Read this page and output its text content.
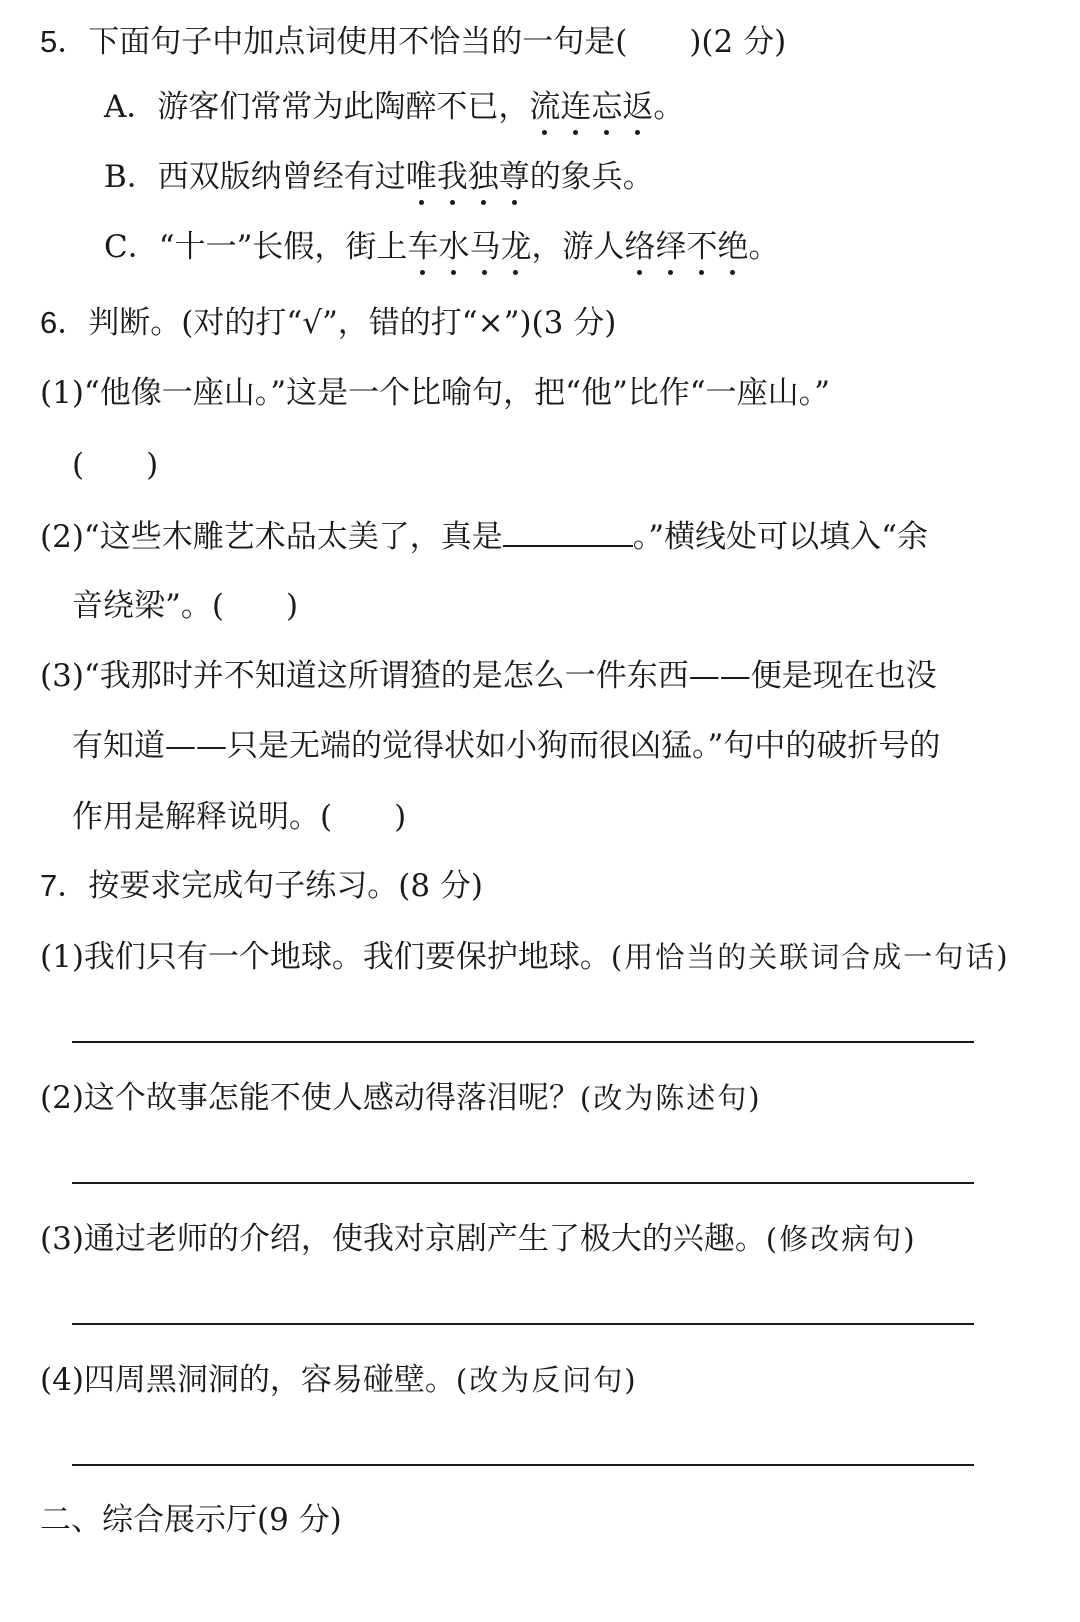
5．下面句子中加点词使用不恰当的一句是(　　)(2 分)
A．游客们常常为此陶醉不已，流连忘返。
B．西双版纳曾经有过唯我独尊的象兵。
C．“十一”长假，街上车水马龙，游人络绎不绝。
6．判断。(对的打“√”，错的打“×”)(3 分)
(1)“他像一座山。”这是一个比喻句，把“他”比作“一座山。”
(　　)
(2)“这些木雕艺术品太美了，真是	。”横线处可以填入“余
音绕梁”。(　　)
(3)“我那时并不知道这所谓猹的是怎么一件东西——便是现在也没
有知道——只是无端的觉得状如小狗而很凶猛。”句中的破折号的
作用是解释说明。(　　)
7．按要求完成句子练习。(8 分)
(1)我们只有一个地球。我们要保护地球。(用恰当的关联词合成一句话)
(2)这个故事怎能不使人感动得落泪呢？(改为陈述句)
(3)通过老师的介绍，使我对京剧产生了极大的兴趣。(修改病句)
(4)四周黑洞洞的，容易碰壁。(改为反问句)
二、综合展示厅(9 分)
